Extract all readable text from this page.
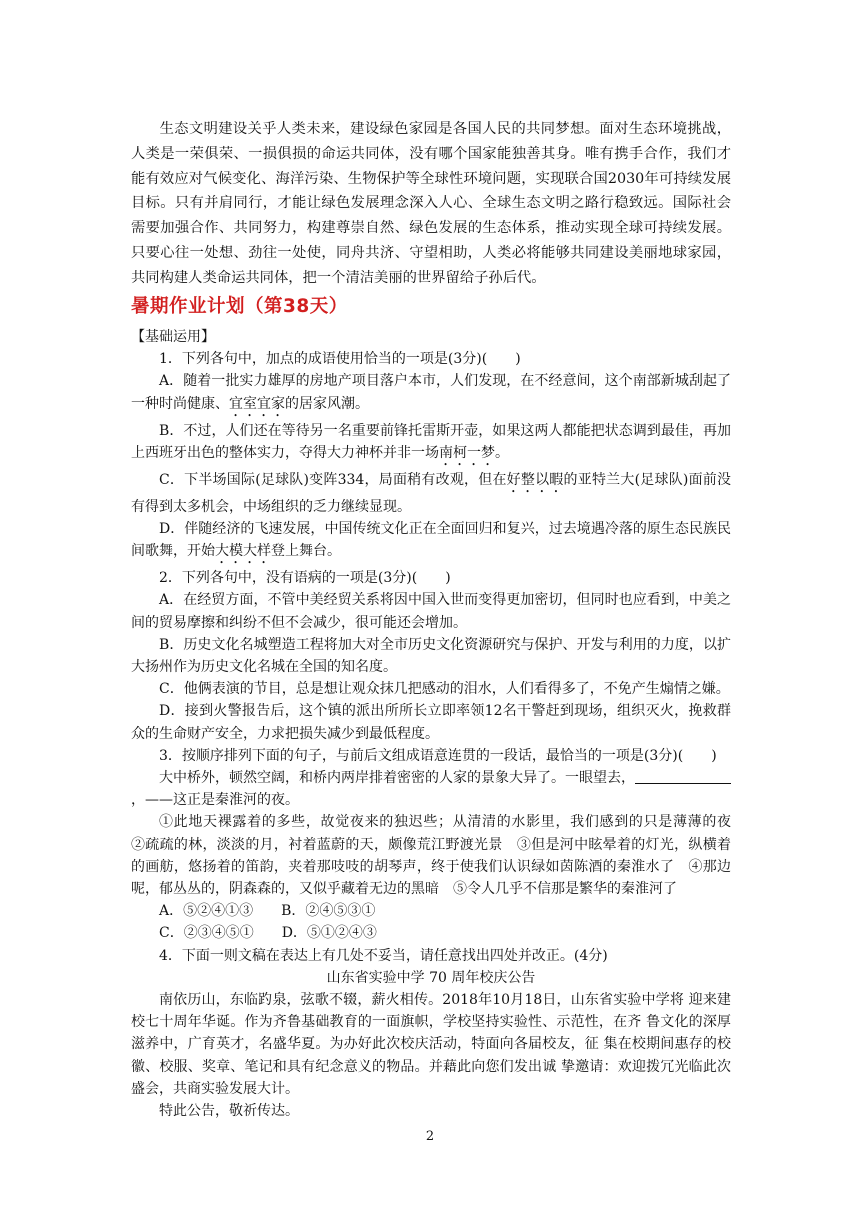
生态文明建设关乎人类未来，建设绿色家园是各国人民的共同梦想。面对生态环境挑战，人类是一荣俱荣、一损俱损的命运共同体，没有哪个国家能独善其身。唯有携手合作，我们才能有效应对气候变化、海洋污染、生物保护等全球性环境问题，实现联合国2030年可持续发展目标。只有并肩同行，才能让绿色发展理念深入人心、全球生态文明之路行稳致远。国际社会需要加强合作、共同努力，构建尊崇自然、绿色发展的生态体系，推动实现全球可持续发展。只要心往一处想、劲往一处使，同舟共济、守望相助，人类必将能够共同建设美丽地球家园，共同构建人类命运共同体，把一个清洁美丽的世界留给子孙后代。

暑期作业计划（第38天）

【基础运用】

1．下列各句中，加点的成语使用恰当的一项是(3分)(　　)

A．随着一批实力雄厚的房地产项目落户本市，人们发现，在不经意间，这个南部新城刮起了一种时尚健康、宜室宜家的居家风潮。

B．不过，人们还在等待另一名重要前锋托雷斯开壶，如果这两人都能把状态调到最佳，再加上西班牙出色的整体实力，夺得大力神杯并非一场南柯一梦。

C．下半场国际(足球队)变阵334，局面稍有改观，但在好整以暇的亚特兰大(足球队)面前没有得到太多机会，中场组织的乏力继续显现。

D．伴随经济的飞速发展，中国传统文化正在全面回归和复兴，过去境遇冷落的原生态民族民间歌舞，开始大模大样登上舞台。

2．下列各句中，没有语病的一项是(3分)(　　)

A．在经贸方面，不管中美经贸关系将因中国入世而变得更加密切，但同时也应看到，中美之间的贸易摩擦和纠纷不但不会减少，很可能还会增加。

B．历史文化名城塑造工程将加大对全市历史文化资源研究与保护、开发与利用的力度，以扩大扬州作为历史文化名城在全国的知名度。

C．他俩表演的节目，总是想让观众抹几把感动的泪水，人们看得多了，不免产生煽情之嫌。

D．接到火警报告后，这个镇的派出所所长立即率领12名干警赶到现场，组织灭火，挽救群众的生命财产安全，力求把损失减少到最低程度。

3．按顺序排列下面的句子，与前后文组成语意连贯的一段话，最恰当的一项是(3分)(　　)

大中桥外，顿然空阔，和桥内两岸排着密密的人家的景象大异了。一眼望去，，——这正是秦淮河的夜。

①此地天裸露着的多些，故觉夜来的独迟些；从清清的水影里，我们感到的只是薄薄的夜　②疏疏的林，淡淡的月，衬着蓝蔚的天，颇像荒江野渡光景　③但是河中眩晕着的灯光，纵横着的画舫，悠扬着的笛韵，夹着那吱吱的胡琴声，终于使我们认识绿如茵陈酒的秦淮水了　④那边呢，郁丛丛的，阴森森的，又似乎藏着无边的黑暗　⑤令人几乎不信那是繁华的秦淮河了

A．⑤②④①③　　B．②④⑤③①

C．②③④⑤①　　D．⑤①②④③

4．下面一则文稿在表达上有几处不妥当，请任意找出四处并改正。(4分)

山东省实验中学 70 周年校庆公告

南依历山，东临趵泉，弦歌不辍，薪火相传。2018年10月18日，山东省实验中学将 迎来建校七十周年华诞。作为齐鲁基础教育的一面旗帜，学校坚持实验性、示范性，在齐 鲁文化的深厚滋养中，广育英才，名盛华夏。为办好此次校庆活动，特面向各届校友，征 集在校期间惠存的校徽、校服、奖章、笔记和具有纪念意义的物品。并藉此向您们发出诚 挚邀请：欢迎拨冗光临此次盛会，共商实验发展大计。

特此公告，敬祈传达。

2
